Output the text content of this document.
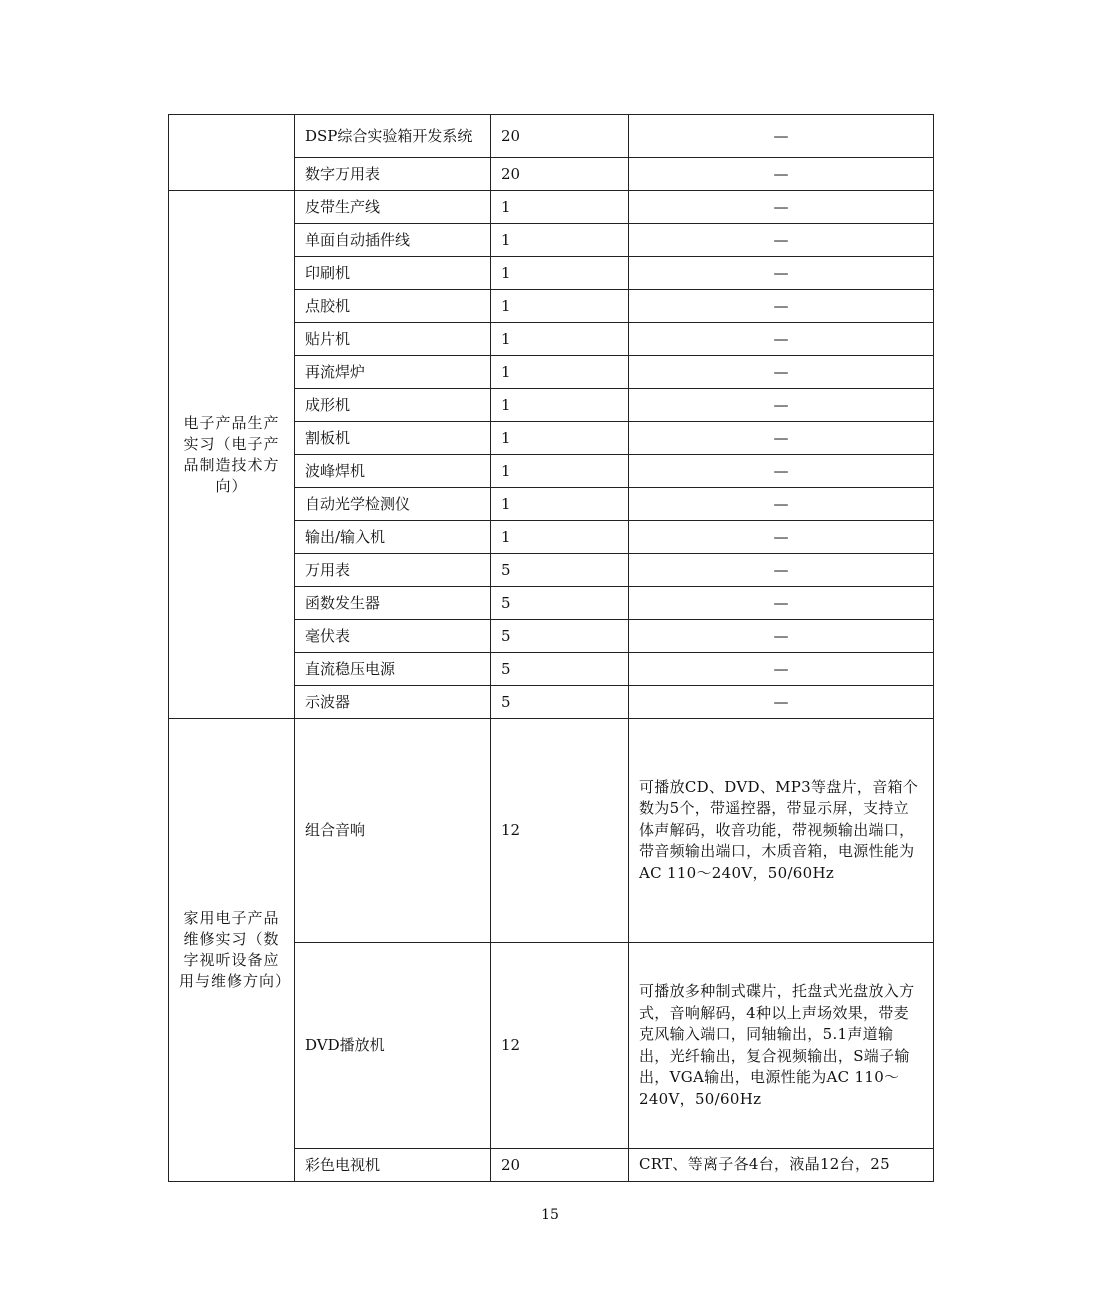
	DSP综合实验箱开发系统	20	—
	数字万用表	20	—
电子产品生产实习（电子产品制造技术方向）	皮带生产线	1	—
	单面自动插件线	1	—
	印刷机	1	—
	点胶机	1	—
	贴片机	1	—
	再流焊炉	1	—
	成形机	1	—
	割板机	1	—
	波峰焊机	1	—
	自动光学检测仪	1	—
	输出/输入机	1	—
	万用表	5	—
	函数发生器	5	—
	毫伏表	5	—
	直流稳压电源	5	—
	示波器	5	—
家用电子产品维修实习（数字视听设备应用与维修方向）	组合音响	12	可播放CD、DVD、MP3等盘片，音箱个数为5个，带遥控器，带显示屏，支持立体声解码，收音功能，带视频输出端口，带音频输出端口，木质音箱，电源性能为AC 110～240V，50/60Hz
	DVD播放机	12	可播放多种制式碟片，托盘式光盘放入方式，音响解码，4种以上声场效果，带麦克风输入端口，同轴输出，5.1声道输出，光纤输出，复合视频输出，S端子输出，VGA输出，电源性能为AC 110～240V，50/60Hz
	彩色电视机	20	CRT、等离子各4台，液晶12台，25
15
